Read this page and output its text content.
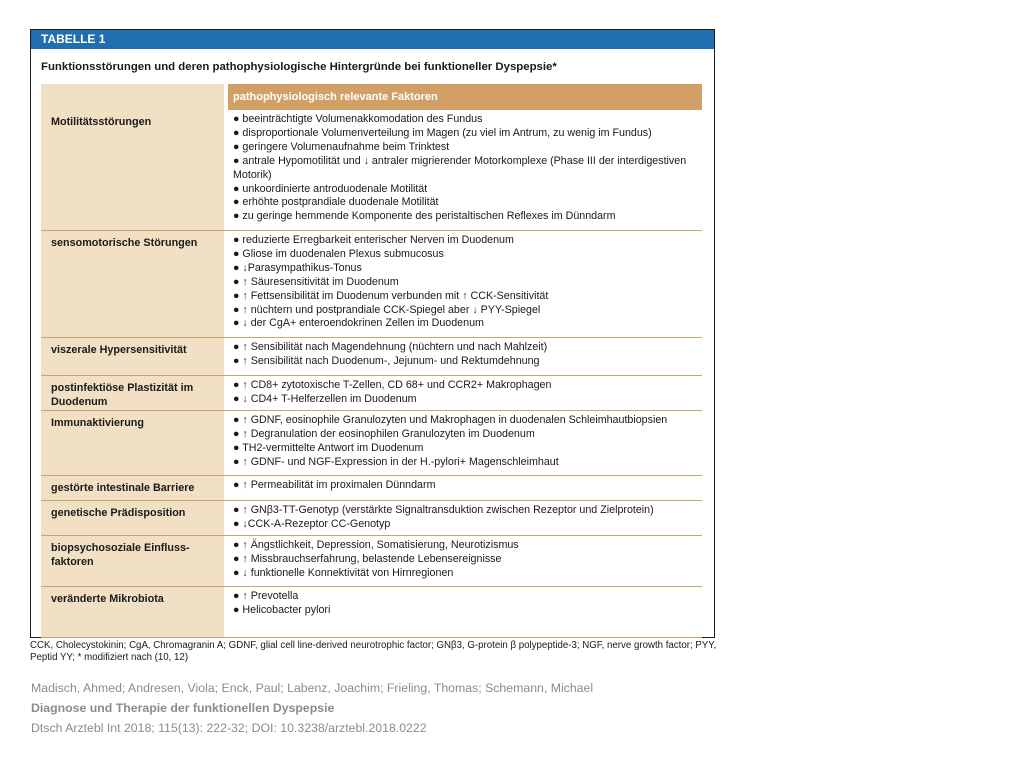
TABELLE 1
Funktionsstörungen und deren pathophysiologische Hintergründe bei funktioneller Dyspepsie*
pathophysiologisch relevante Faktoren
Motilitätsstörungen	● beeinträchtigte Volumenakkomodation des Fundus
● disproportionale Volumenverteilung im Magen (zu viel im Antrum, zu wenig im Fundus)
● geringere Volumenaufnahme beim Trinktest
● antrale Hypomotilität und ↓ antraler migrierender Motorkomplexe (Phase III der interdigestiven Motorik)
● unkoordinierte antroduodenale Motilität
● erhöhte postprandiale duodenale Motilität
● zu geringe hemmende Komponente des peristaltischen Reflexes im Dünndarm
sensomotorische Störungen	● reduzierte Erregbarkeit enterischer Nerven im Duodenum
● Gliose im duodenalen Plexus submucosus
● ↓Parasympathikus-Tonus
● ↑ Säuresensitivität im Duodenum
● ↑ Fettsensibilität im Duodenum verbunden mit ↑ CCK-Sensitivität
● ↑ nüchtern und postprandiale CCK-Spiegel aber ↓ PYY-Spiegel
● ↓ der CgA+ enteroendokrinen Zellen im Duodenum
viszerale Hypersensitivität	● ↑ Sensibilität nach Magendehnung (nüchtern und nach Mahlzeit)
● ↑ Sensibilität nach Duodenum-, Jejunum- und Rektumdehnung
postinfektiöse Plastizität im Duodenum
● ↑ CD8+ zytotoxische T-Zellen, CD 68+ und CCR2+ Makrophagen
● ↓ CD4+ T-Helferzellen im Duodenum
Immunaktivierung	● ↑ GDNF, eosinophile Granulozyten und Makrophagen in duodenalen Schleimhautbiopsien
● ↑ Degranulation der eosinophilen Granulozyten im Duodenum
● TH2-vermittelte Antwort im Duodenum
● ↑ GDNF- und NGF-Expression in der H.-pylori+ Magenschleimhaut
gestörte intestinale Barriere	● ↑ Permeabilität im proximalen Dünndarm
genetische Prädisposition	● ↑ GNβ3-TT-Genotyp (verstärkte Signaltransduktion zwischen Rezeptor und Zielprotein)
● ↓CCK-A-Rezeptor CC-Genotyp
biopsychosoziale Einfluss-faktoren
● ↑ Ängstlichkeit, Depression, Somatisierung, Neurotizismus
● ↑ Missbrauchserfahrung, belastende Lebensereignisse
● ↓ funktionelle Konnektivität von Hirnregionen
veränderte Mikrobiota	● ↑ Prevotella
● Helicobacter pylori
CCK, Cholecystokinin; CgA, Chromagranin A; GDNF, glial cell line-derived neurotrophic factor; GNβ3, G-protein β polypeptide-3; NGF, nerve growth factor; PYY, Peptid YY; * modifiziert nach (10, 12)
Madisch, Ahmed; Andresen, Viola; Enck, Paul; Labenz, Joachim; Frieling, Thomas; Schemann, Michael
Diagnose und Therapie der funktionellen Dyspepsie
Dtsch Arztebl Int 2018; 115(13): 222-32; DOI: 10.3238/arztebl.2018.0222
